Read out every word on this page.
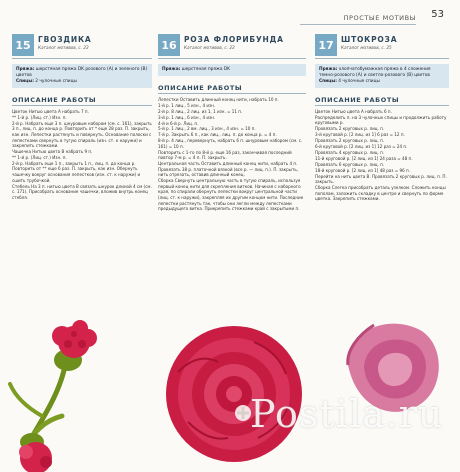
ПРОСТЫЕ МОТИВЫ 53
15 ГВОЗДИКА
Каталог мотивов, с. 23
Пряжа: шерстяная пряжа DK розового (A) и зеленого (B) цветов
Спицы: 2 чулочные спицы
ОПИСАНИЕ РАБОТЫ

Цветок Нитью цвета A набрать 7 п.

** 1-й р. (Лиц. ст.) Изн. п.

2-й р. Набрать еще 3 п. шнуровым набором (см. с. 161), закрыть 3 п., лиц. п. до конца р. Повторить от * еще 28 раз. П. закрыть, как изн. Лепестки растянуть и повернуть. Основание полоски с лепестками свернуть в тугую спираль (изн. ст. к наружи) и закрепить стежками.

Чашечка Нитью цвета B набрать 9 п.

** 1-й р. (Лиц. ст.) Изн. п.

2-й р. Набрать еще 1 п., закрыть 1 п., лиц. п. до конца р. Повторить от ** еще 6 раз. П. закрыть, как изн. Обернуть чашечку вокруг основания лепестков (изн. ст. к наружи) и сшить трубочкой.

Стебель На 3 п. нитью цвета B связать шнурок длиной 4 см (см. с. 171). Присобрать основание чашечки, вложив внутрь конец стебля.

16 РОЗА ФЛОРИБУНДА
Каталог мотивов, с. 23
Пряжа: шерстяная пряжа DK
ОПИСАНИЕ РАБОТЫ

Лепестки Оставить длинный конец нити, набрать 10 п.

1-й р. 1 лиц., 5 изн., 4 изн.

2-й р. 8 лиц., 2 лиц. из 1, 1 изн. = 11 п.

3-й р. 1 лиц., 6 изн., 4 изн.

4-й и 6-й р. Лиц. п.

5-й р. 1 лиц., 2 вм. лиц., 3 изн., 4 изн. = 10 п.

7-й р. Закрыть 6 п., как лиц., лиц. п. до конца р. = 4 п.

8-й р. 4 лиц., перевернуть, набрать 6 п. шнуровым набором (см. с. 161) = 10 п.

Повторить с 1-го по 8-й р. еще 16 раз, заканчивая последний повтор 7-м р. = 4 п. П. закрыть.

Центральная часть Оставить длинный конец нити, набрать 4 п. Провязать 38 р. платочной вязкой (все р. — лиц. п.). П. закрыть, нить отрезать, оставив длинный конец.

Сборка Свернуть центральную часть в тугую спираль, используя первый конец нити для скрепления витков. Начиная с наборного края, по спирали обернуть лепестки вокруг центральной части (лиц. ст. к наружи), закрепляя их другим концом нити. Последние лепестки растянуть так, чтобы они легли между лепестками предыдущего витка. Прикрепить стежками край с закрытыми п.

17 ШТОКРОЗА
Каталог мотивов, с. 25
Пряжа: хлопчатобумажная пряжа в 4 сложения темно-розового (A) и светло-розового (B) цветов
Спицы: 4 чулочные спицы
ОПИСАНИЕ РАБОТЫ

Цветок Нитью цвета A набрать 6 п.

Распределить п. на 3 чулочных спицы и продолжить работу круговыми р.

Провязать 2 круговых р. лиц. п.

3-й круговой р. [2 лиц. из 1] 6 раз = 12 п.

Провязать 2 круговых р. лиц. п.

6-й круговой р. [2 лиц. из 1] 12 раз = 24 п.

Провязать 4 круговых р. лиц. п.

11-й круговой р. [2 лиц. из 1] 24 раза = 48 п.

Провязать 6 круговых р. лиц. п.

18-й круговой р. [2 лиц. из 1] 48 раз = 96 п.

Перейти на нить цвета B. Провязать 2 круговых р. лиц. п. П. закрыть.

Сборка Слегка присобрать деталь узелком. Сложить концы пополам, заложить складку в центре и свернуть по форме цветка. Закрепить стежками.

Postila.ru
